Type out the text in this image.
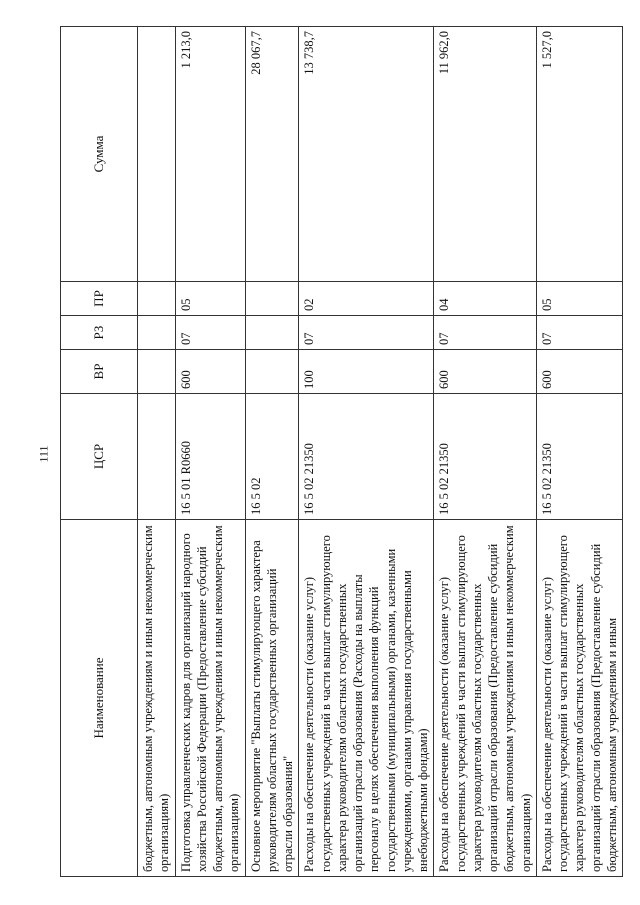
111
Наименование	ЦСР	ВР	РЗ	ПР	Сумма
бюджетным, автономным учреждениям и иным некоммерческим организациям)					
Подготовка управленческих кадров для организаций народного хозяйства Российской Федерации (Предоставление субсидий бюджетным, автономным учреждениям и иным некоммерческим организациям)	16 5 01 R0660	600	07	05	1 213,0
Основное мероприятие "Выплаты стимулирующего характера руководителям областных государственных организаций отрасли образования"	16 5 02				28 067,7
Расходы на обеспечение деятельности (оказание услуг) государственных учреждений в части выплат стимулирующего характера руководителям областных государственных организаций отрасли образования (Расходы на выплаты персоналу в целях обеспечения выполнения функций государственными (муниципальными) органами, казенными учреждениями, органами управления государственными внебюджетными фондами)	16 5 02 21350	100	07	02	13 738,7
Расходы на обеспечение деятельности (оказание услуг) государственных учреждений в части выплат стимулирующего характера руководителям областных государственных организаций отрасли образования (Предоставление субсидий бюджетным, автономным учреждениям и иным некоммерческим организациям)	16 5 02 21350	600	07	04	11 962,0
Расходы на обеспечение деятельности (оказание услуг) государственных учреждений в части выплат стимулирующего характера руководителям областных государственных организаций отрасли образования (Предоставление субсидий бюджетным, автономным учреждениям и иным	16 5 02 21350	600	07	05	1 527,0
